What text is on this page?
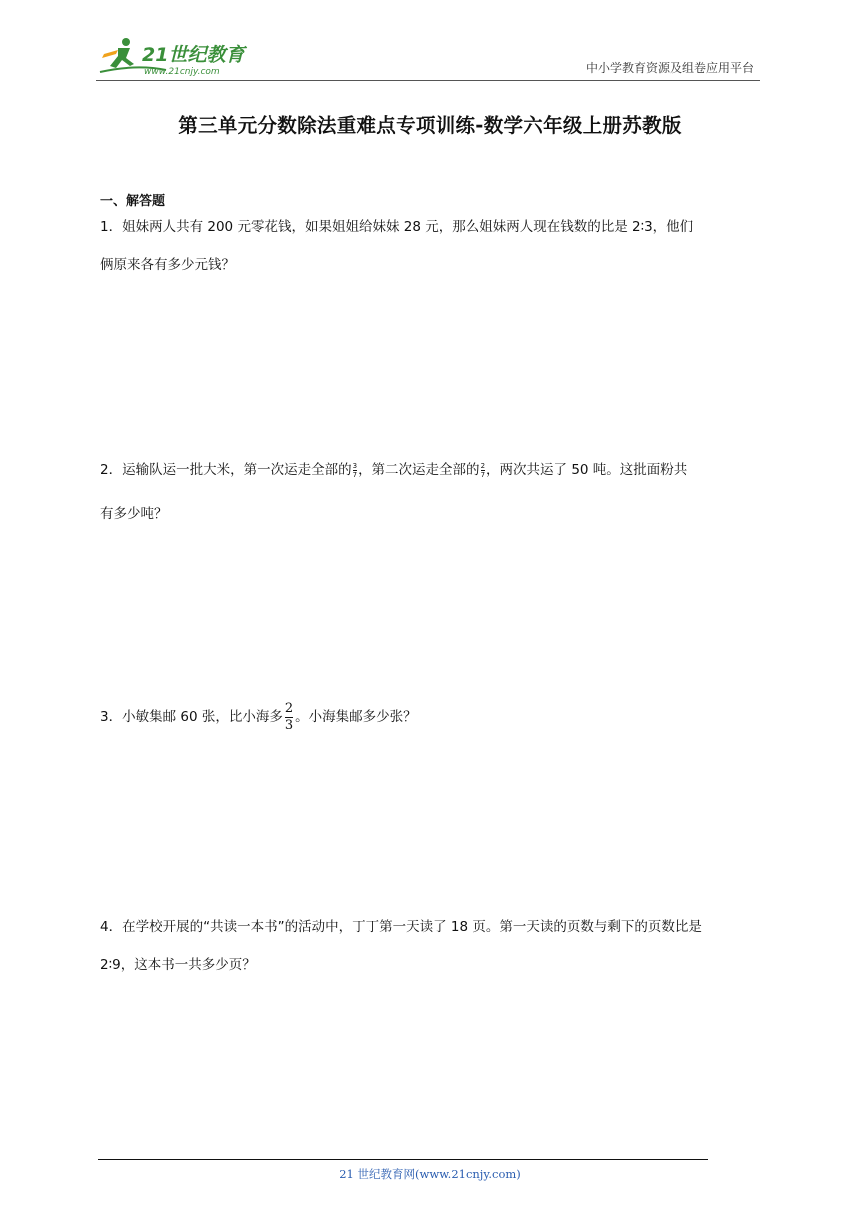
21世纪教育
www.21cnjy.com	中小学教育资源及组卷应用平台
第三单元分数除法重难点专项训练-数学六年级上册苏教版
一、解答题
1．姐妹两人共有 200 元零花钱，如果姐姐给妹妹 28 元，那么姐妹两人现在钱数的比是 2∶3，他们
俩原来各有多少元钱？
2．运输队运一批大米，第一次运走全部的 $\frac{3}{7}$ ，第二次运走全部的 $\frac{2}{7}$ ，两次共运了 50 吨。这批面粉共
有多少吨？
3．小敏集邮 60 张，比小海多 $\frac{2}{3}$ 。小海集邮多少张？
4．在学校开展的“共读一本书”的活动中，丁丁第一天读了 18 页。第一天读的页数与剩下的页数比是
2∶9，这本书一共多少页？
21 世纪教育网(www.21cnjy.com)
